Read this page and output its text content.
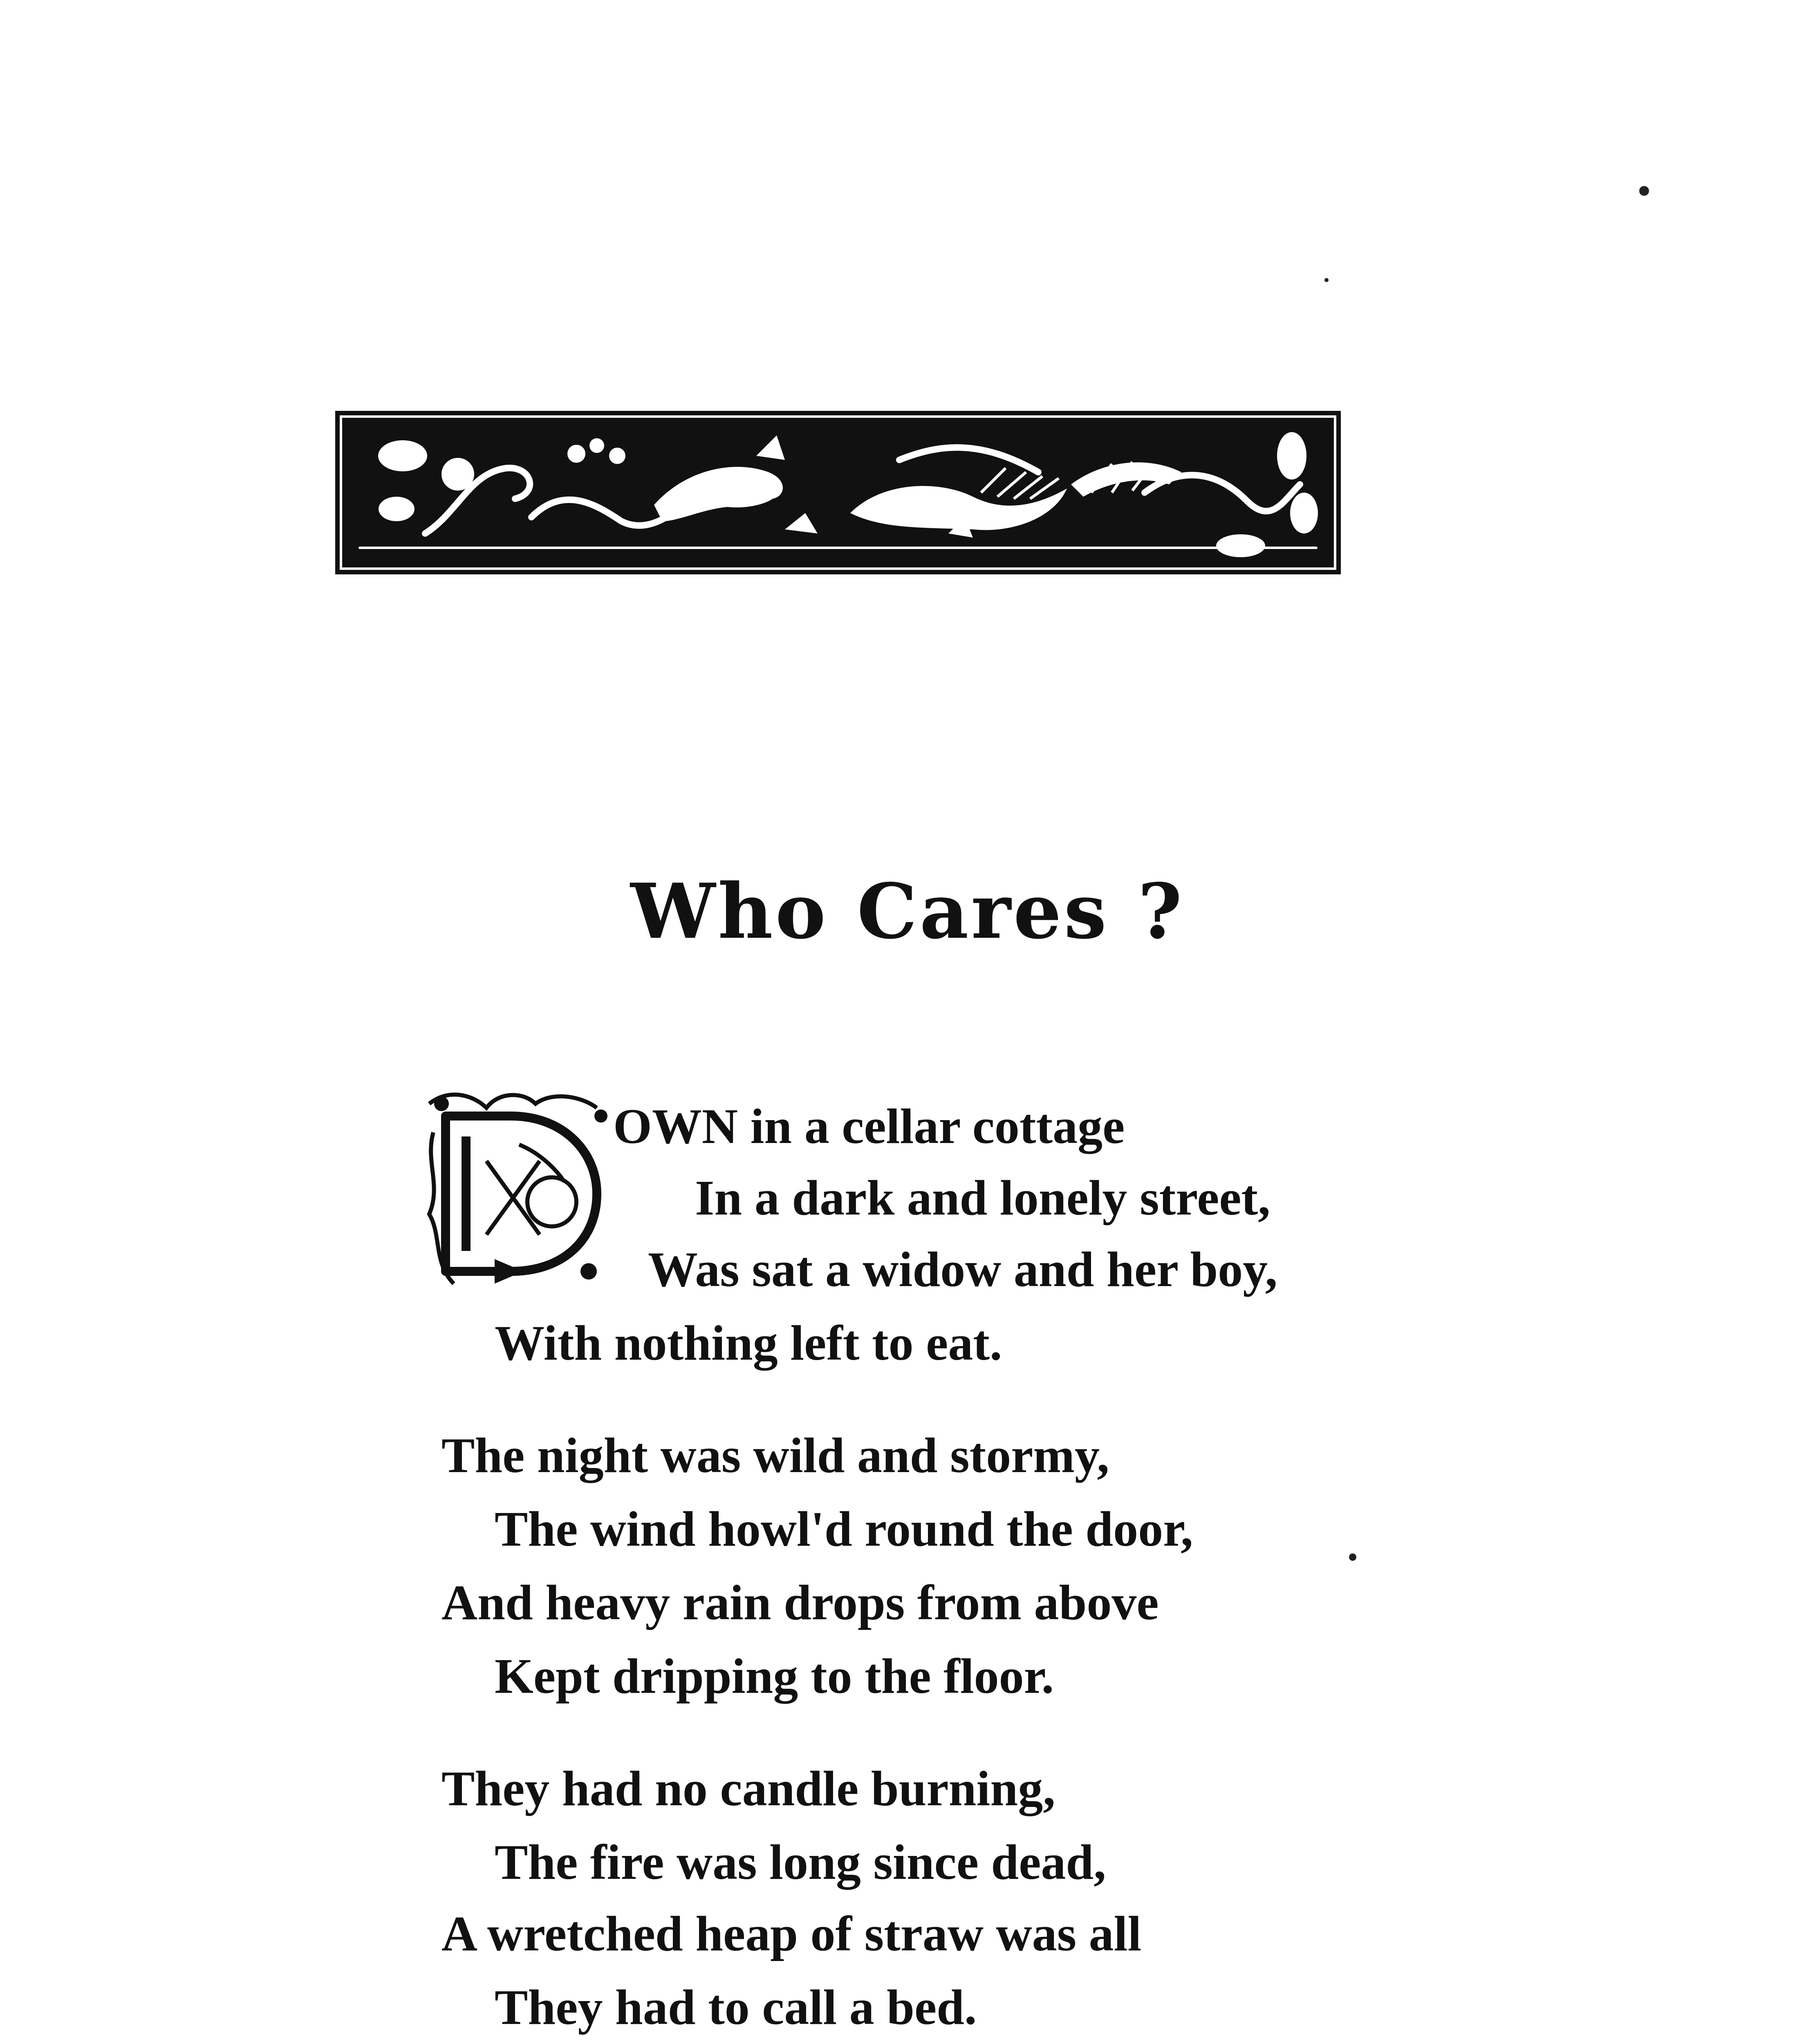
Who Cares ?
OWN in a cellar cottage
In a dark and lonely street,
Was sat a widow and her boy,
With nothing left to eat.
The night was wild and stormy,
The wind howl'd round the door,
And heavy rain drops from above
Kept dripping to the floor.
They had no candle burning,
The fire was long since dead,
A wretched heap of straw was all
They had to call a bed.
